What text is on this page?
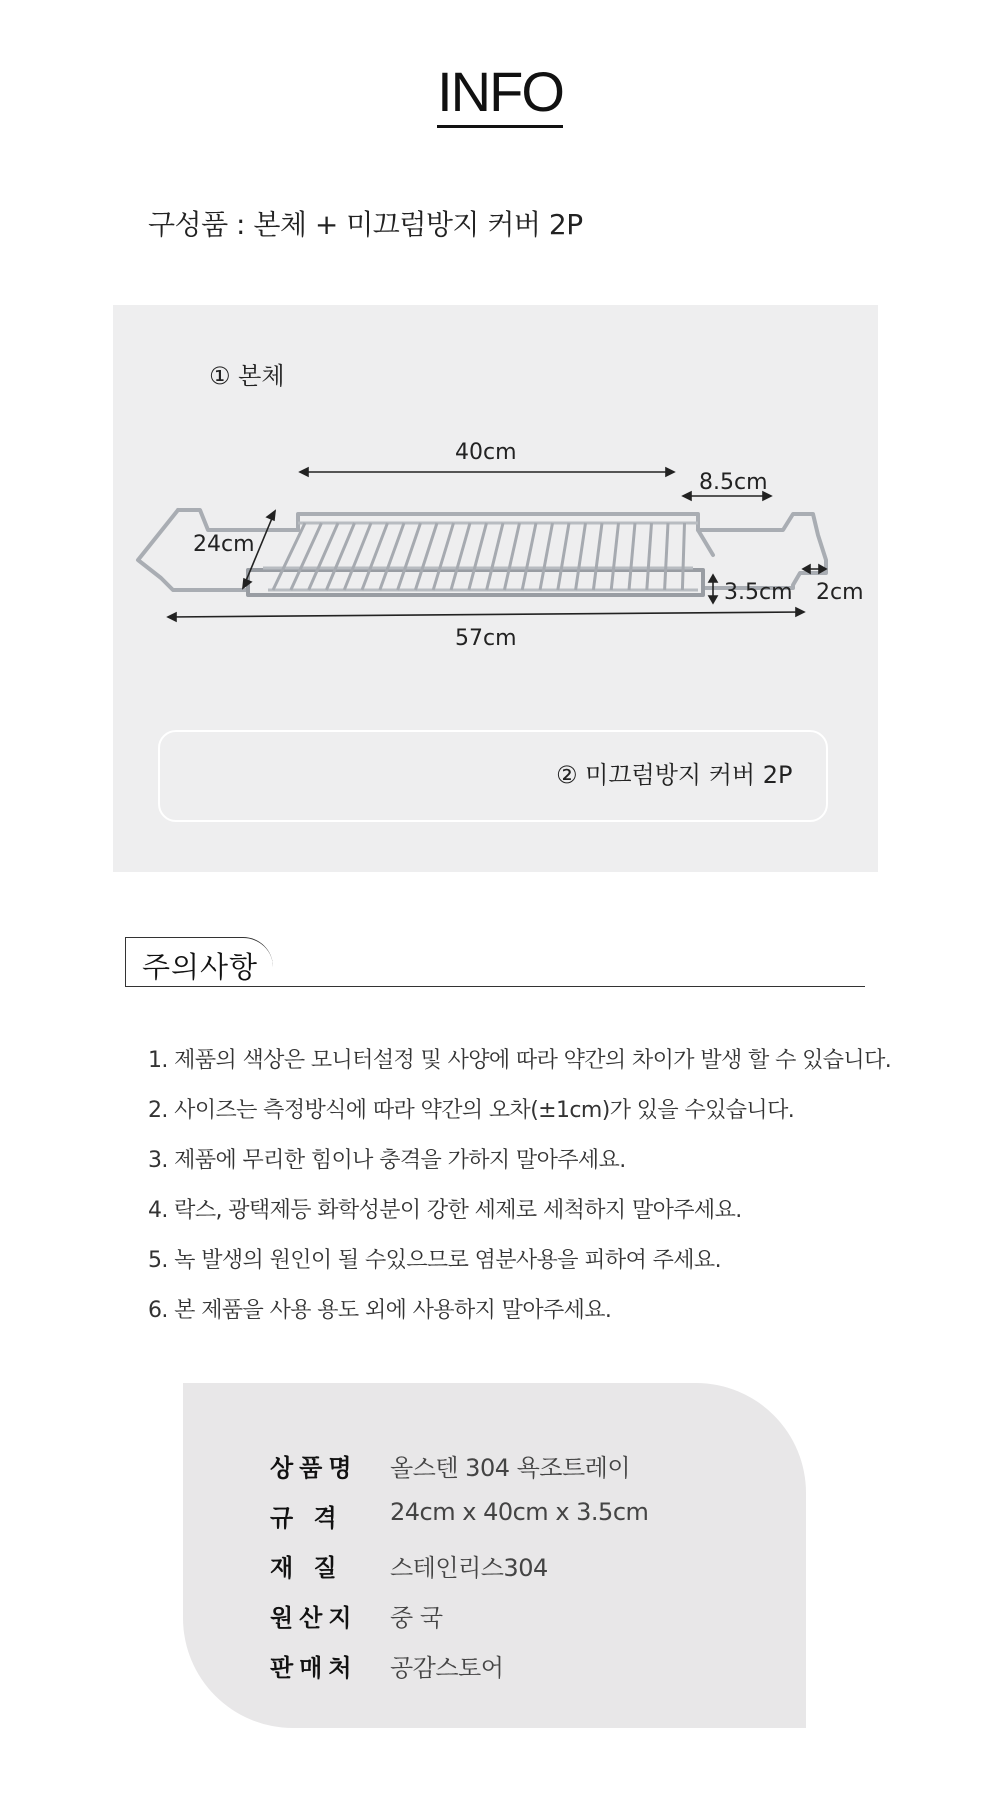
INFO
구성품 : 본체 + 미끄럼방지 커버 2P
① 본체
40cm
8.5cm
24cm
3.5cm 2cm
57cm
② 미끄럼방지 커버 2P
주의사항
1. 제품의 색상은 모니터설정 및 사양에 따라 약간의 차이가 발생 할 수 있습니다.
2. 사이즈는 측정방식에 따라 약간의 오차(±1cm)가 있을 수있습니다.
3. 제품에 무리한 힘이나 충격을 가하지 말아주세요.
4. 락스, 광택제등 화학성분이 강한 세제로 세척하지 말아주세요.
5. 녹 발생의 원인이 될 수있으므로 염분사용을 피하여 주세요.
6. 본 제품을 사용 용도 외에 사용하지 말아주세요.
상품명 올스텐 304 욕조트레이
규 격	24cm x 40cm x 3.5cm
재 질	스테인리스304
원산지 중 국
판매처 공감스토어
